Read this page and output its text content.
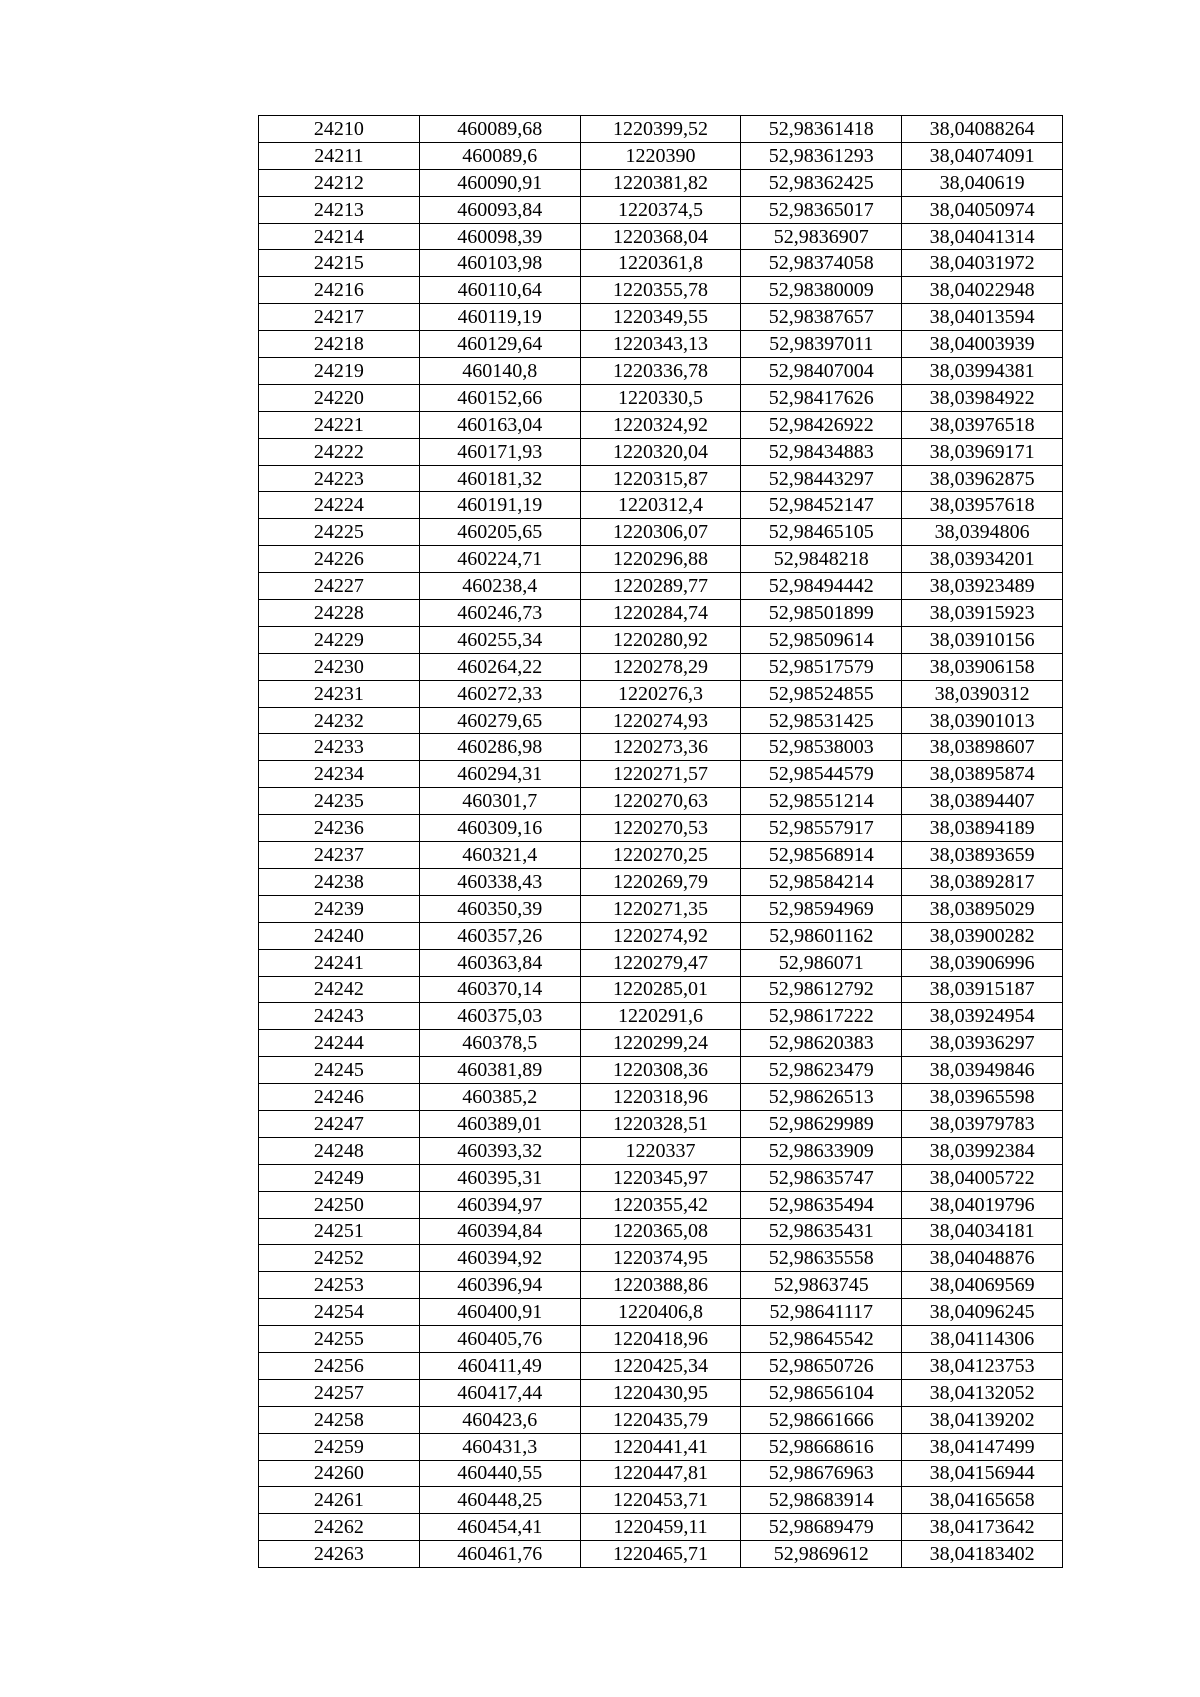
24210	460089,68	1220399,52	52,98361418	38,04088264
24211	460089,6	1220390	52,98361293	38,04074091
24212	460090,91	1220381,82	52,98362425	38,040619
24213	460093,84	1220374,5	52,98365017	38,04050974
24214	460098,39	1220368,04	52,9836907	38,04041314
24215	460103,98	1220361,8	52,98374058	38,04031972
24216	460110,64	1220355,78	52,98380009	38,04022948
24217	460119,19	1220349,55	52,98387657	38,04013594
24218	460129,64	1220343,13	52,98397011	38,04003939
24219	460140,8	1220336,78	52,98407004	38,03994381
24220	460152,66	1220330,5	52,98417626	38,03984922
24221	460163,04	1220324,92	52,98426922	38,03976518
24222	460171,93	1220320,04	52,98434883	38,03969171
24223	460181,32	1220315,87	52,98443297	38,03962875
24224	460191,19	1220312,4	52,98452147	38,03957618
24225	460205,65	1220306,07	52,98465105	38,0394806
24226	460224,71	1220296,88	52,9848218	38,03934201
24227	460238,4	1220289,77	52,98494442	38,03923489
24228	460246,73	1220284,74	52,98501899	38,03915923
24229	460255,34	1220280,92	52,98509614	38,03910156
24230	460264,22	1220278,29	52,98517579	38,03906158
24231	460272,33	1220276,3	52,98524855	38,0390312
24232	460279,65	1220274,93	52,98531425	38,03901013
24233	460286,98	1220273,36	52,98538003	38,03898607
24234	460294,31	1220271,57	52,98544579	38,03895874
24235	460301,7	1220270,63	52,98551214	38,03894407
24236	460309,16	1220270,53	52,98557917	38,03894189
24237	460321,4	1220270,25	52,98568914	38,03893659
24238	460338,43	1220269,79	52,98584214	38,03892817
24239	460350,39	1220271,35	52,98594969	38,03895029
24240	460357,26	1220274,92	52,98601162	38,03900282
24241	460363,84	1220279,47	52,986071	38,03906996
24242	460370,14	1220285,01	52,98612792	38,03915187
24243	460375,03	1220291,6	52,98617222	38,03924954
24244	460378,5	1220299,24	52,98620383	38,03936297
24245	460381,89	1220308,36	52,98623479	38,03949846
24246	460385,2	1220318,96	52,98626513	38,03965598
24247	460389,01	1220328,51	52,98629989	38,03979783
24248	460393,32	1220337	52,98633909	38,03992384
24249	460395,31	1220345,97	52,98635747	38,04005722
24250	460394,97	1220355,42	52,98635494	38,04019796
24251	460394,84	1220365,08	52,98635431	38,04034181
24252	460394,92	1220374,95	52,98635558	38,04048876
24253	460396,94	1220388,86	52,9863745	38,04069569
24254	460400,91	1220406,8	52,98641117	38,04096245
24255	460405,76	1220418,96	52,98645542	38,04114306
24256	460411,49	1220425,34	52,98650726	38,04123753
24257	460417,44	1220430,95	52,98656104	38,04132052
24258	460423,6	1220435,79	52,98661666	38,04139202
24259	460431,3	1220441,41	52,98668616	38,04147499
24260	460440,55	1220447,81	52,98676963	38,04156944
24261	460448,25	1220453,71	52,98683914	38,04165658
24262	460454,41	1220459,11	52,98689479	38,04173642
24263	460461,76	1220465,71	52,9869612	38,04183402
